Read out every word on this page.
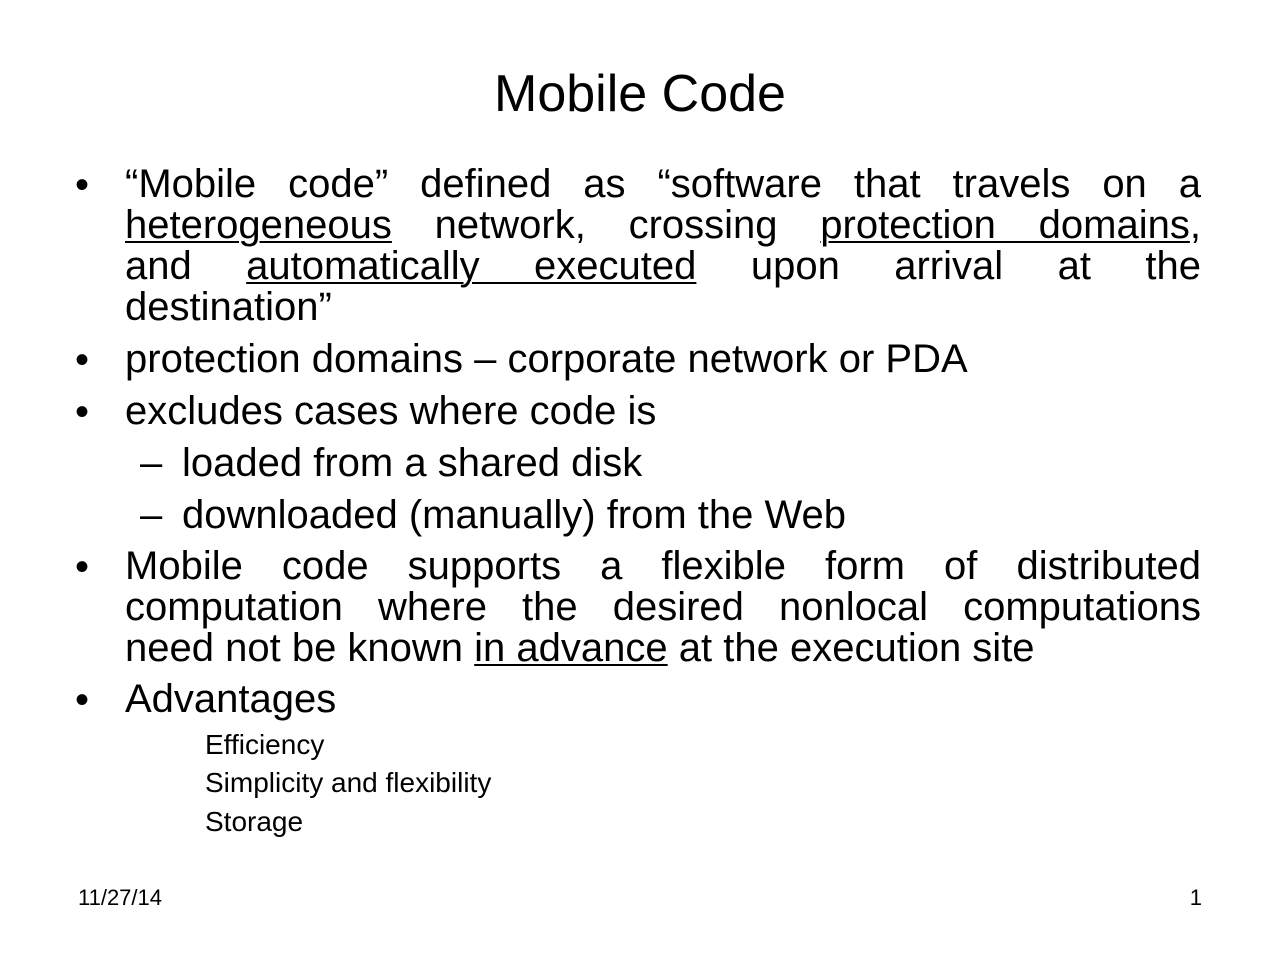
Mobile Code
• “Mobile code” defined as “software that travels on a
heterogeneous network, crossing protection domains,
and automatically executed upon arrival at the
destination”
• protection domains – corporate network or PDA
• excludes cases where code is
– loaded from a shared disk
– downloaded (manually) from the Web
• Mobile code supports a flexible form of distributed
computation where the desired nonlocal computations
need not be known in advance at the execution site
• Advantages
Efficiency
Simplicity and flexibility
Storage
11/27/14	1
